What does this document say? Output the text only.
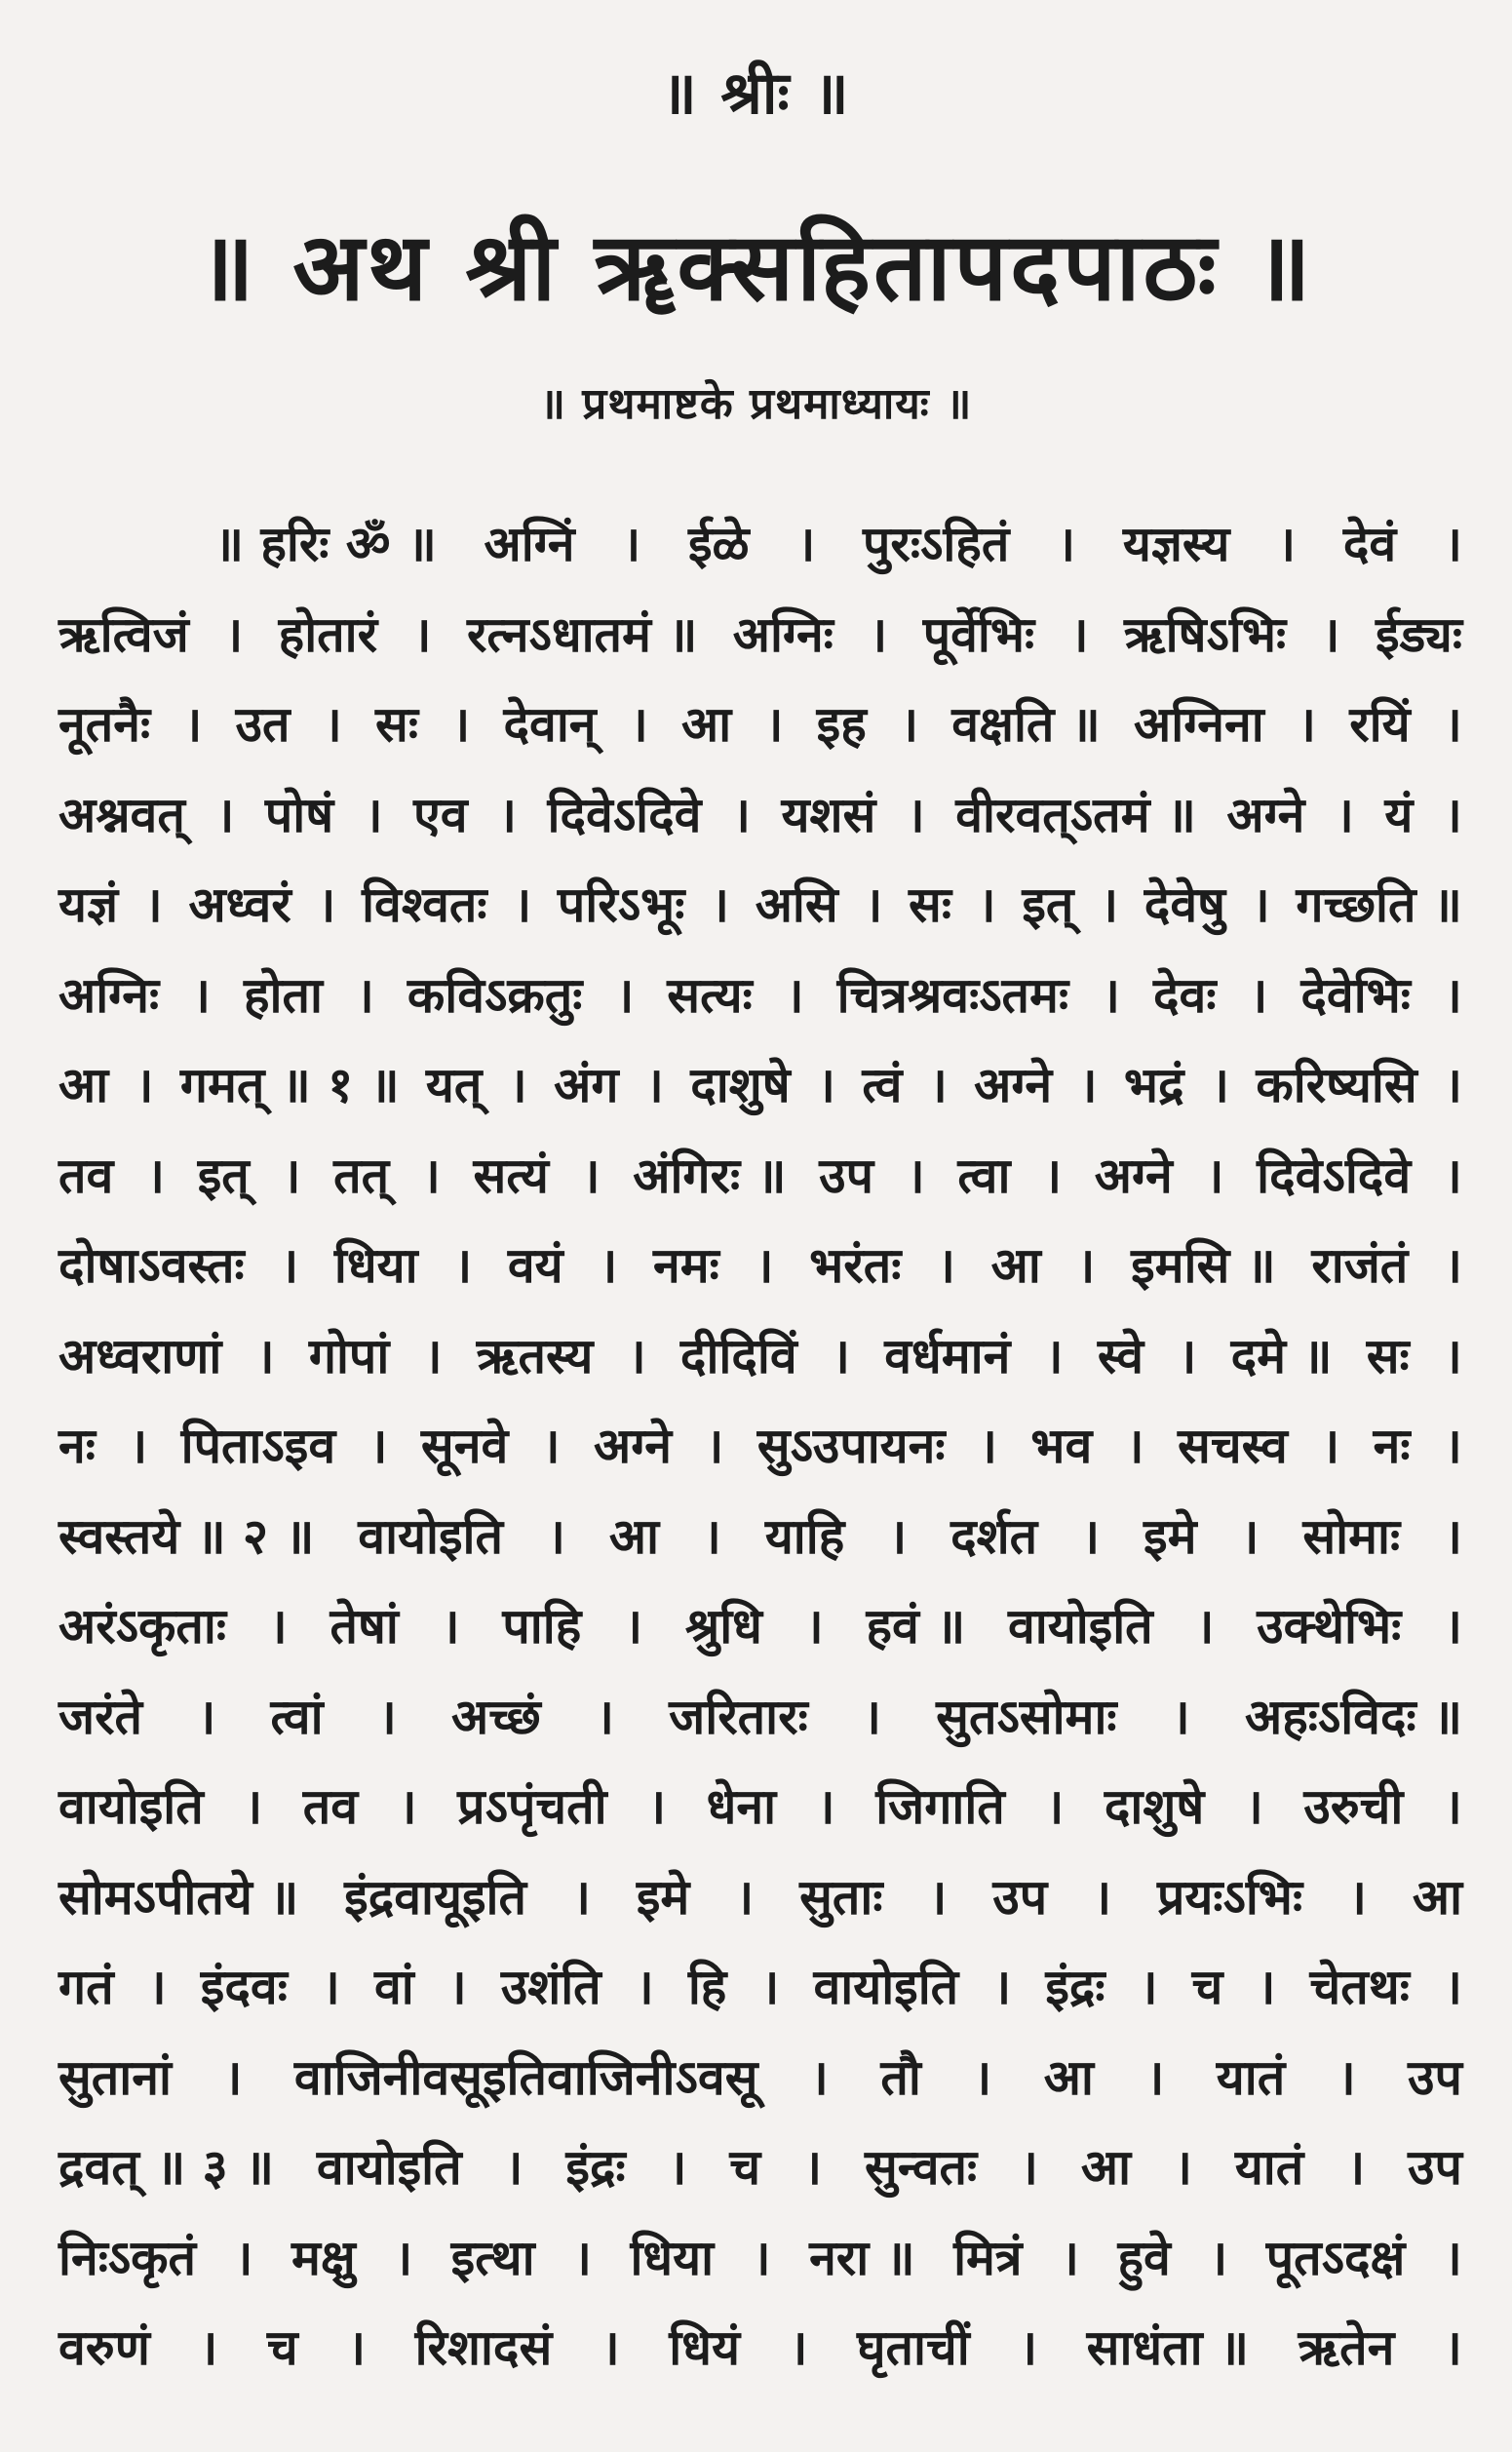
॥ श्रीः ॥
॥ अथ श्री ॠक्सहितापदपाठः ॥
॥ प्रथमाष्टके प्रथमाध्यायः ॥
॥ हरिः ॐ ॥ अग्निं । ईळे । पुरःऽहितं । यज्ञस्य । देवं ।
ऋत्विजं । होतारं । रत्नऽधातमं ॥ अग्निः । पूर्वेभिः । ऋषिऽभिः । ईड्यः
नूतनैः । उत । सः । देवान् । आ । इह । वक्षति ॥ अग्निना । रयिं ।
अश्नवत् । पोषं । एव । दिवेऽदिवे । यशसं । वीरवत्ऽतमं ॥ अग्ने । यं ।
यज्ञं । अध्वरं । विश्वतः । परिऽभूः । असि । सः । इत् । देवेषु । गच्छति ॥
अग्निः । होता । कविऽक्रतुः । सत्यः । चित्रश्रवःऽतमः । देवः । देवेभिः ।
आ । गमत् ॥ १ ॥ यत् । अंग । दाशुषे । त्वं । अग्ने । भद्रं । करिष्यसि ।
तव । इत् । तत् । सत्यं । अंगिरः ॥ उप । त्वा । अग्ने । दिवेऽदिवे ।
दोषाऽवस्तः । धिया । वयं । नमः । भरंतः । आ । इमसि ॥ राजंतं ।
अध्वराणां । गोपां । ऋतस्य । दीदिविं । वर्धमानं । स्वे । दमे ॥ सः ।
नः । पिताऽइव । सूनवे । अग्ने । सुऽउपायनः । भव । सचस्व । नः ।
स्वस्तये ॥ २ ॥ वायोइति । आ । याहि । दर्शत । इमे । सोमाः ।
अरंऽकृताः । तेषां । पाहि । श्रुधि । हवं ॥ वायोइति । उक्थेभिः ।
जरंते । त्वां । अच्छं । जरितारः । सुतऽसोमाः । अहःऽविदः ॥
वायोइति । तव । प्रऽपृंचती । धेना । जिगाति । दाशुषे । उरुची ।
सोमऽपीतये ॥ इंद्रवायूइति । इमे । सुताः । उप । प्रयःऽभिः । आ
गतं । इंदवः । वां । उशंति । हि । वायोइति । इंद्रः । च । चेतथः ।
सुतानां । वाजिनीवसूइतिवाजिनीऽवसू । तौ । आ । यातं । उप
द्रवत् ॥ ३ ॥ वायोइति । इंद्रः । च । सुन्वतः । आ । यातं । उप
निःऽकृतं । मक्षु । इत्था । धिया । नरा ॥ मित्रं । हुवे । पूतऽदक्षं ।
वरुणं । च । रिशादसं । धियं । घृताचीं । साधंता ॥ ऋतेन ।
